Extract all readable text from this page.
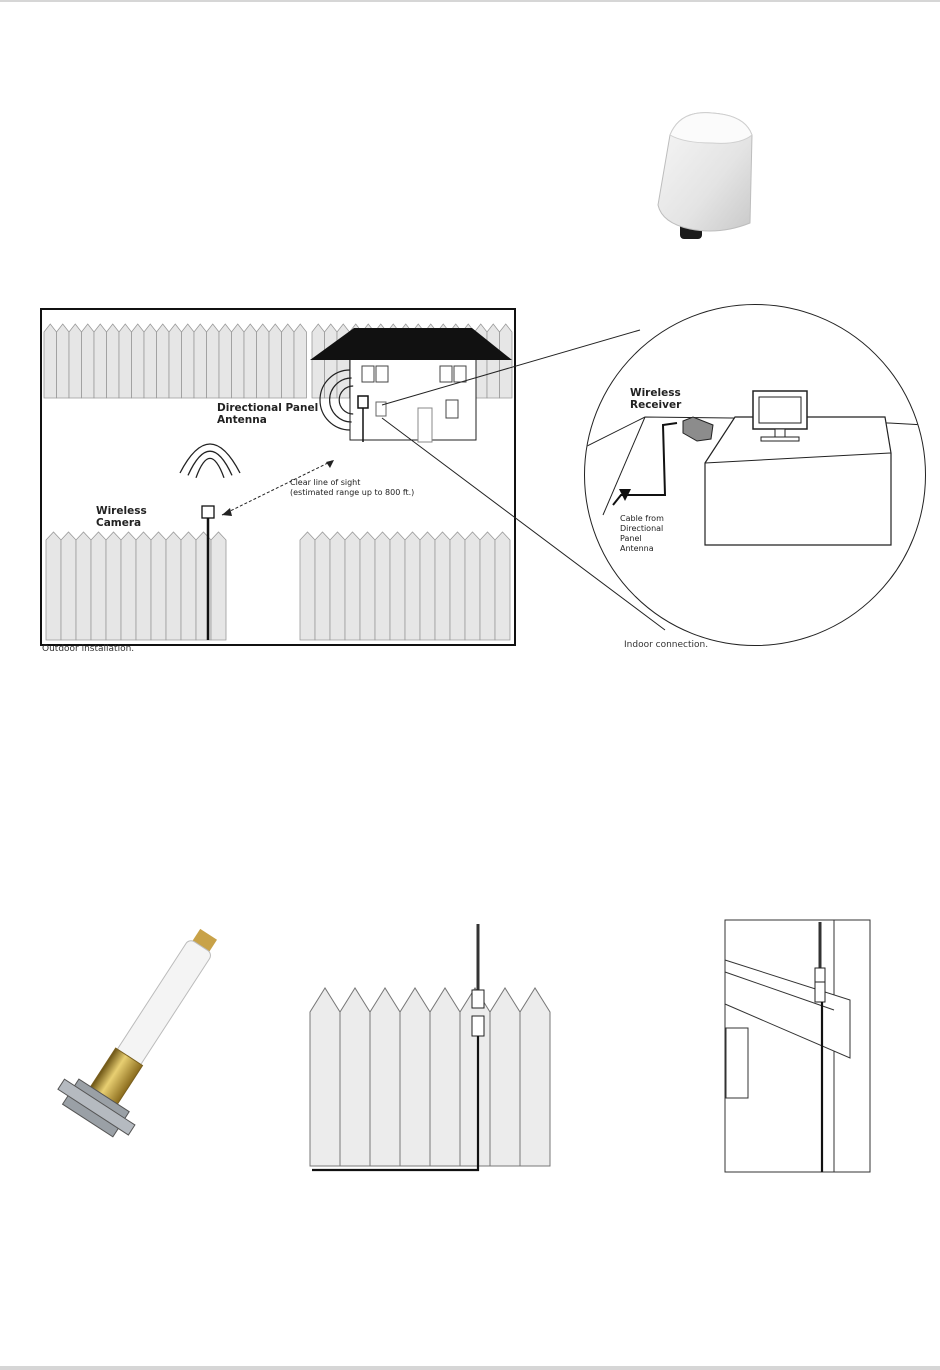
Directional Panel
Antenna
Wireless
Camera
Clear line of sight
(estimated range up to 800 ft.)
Outdoor installation.
Wireless
Receiver
Cable from
Directional
Panel
Antenna
Indoor connection.
